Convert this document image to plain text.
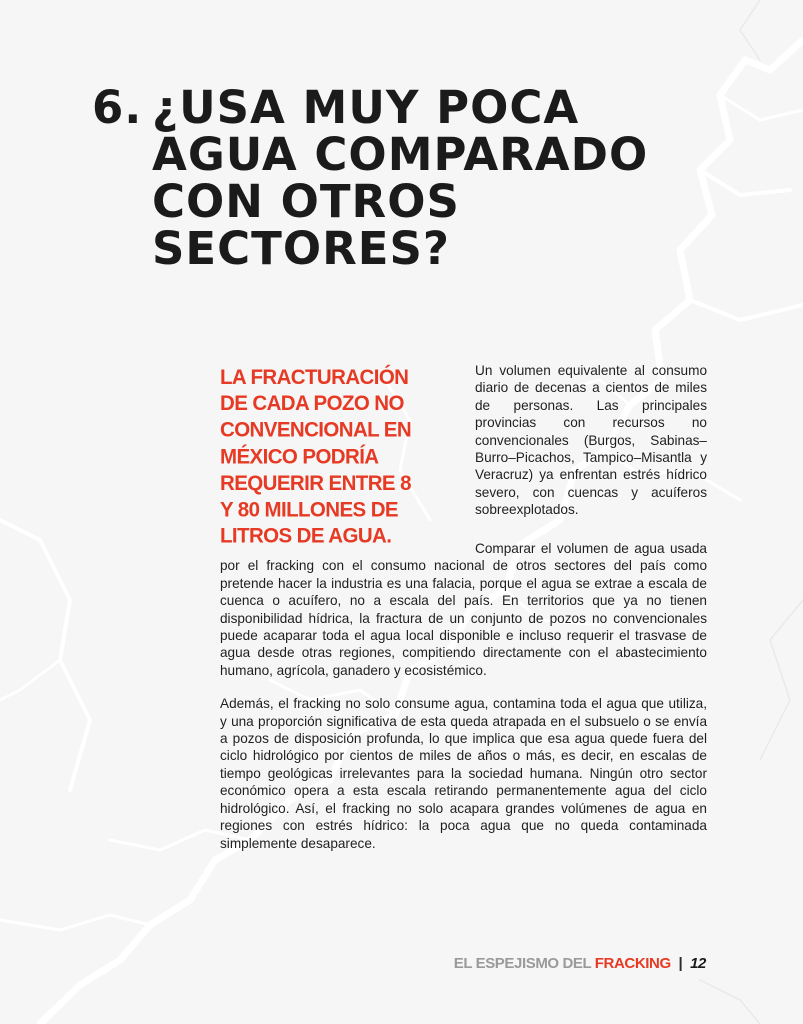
6. ¿USA MUY POCA AGUA COMPARADO CON OTROS SECTORES?

LA FRACTURACIÓN DE CADA POZO NO CONVENCIONAL EN MÉXICO PODRÍA REQUERIR ENTRE 8 Y 80 MILLONES DE LITROS DE AGUA.

Un volumen equivalente al consumo diario de decenas a cientos de miles de personas. Las principales provincias con recursos no convencionales (Burgos, Sabinas–Burro–Picachos, Tampico–Misantla y Veracruz) ya enfrentan estrés hídrico severo, con cuencas y acuíferos sobreexplotados.

Comparar el volumen de agua usada por el fracking con el consumo nacional de otros sectores del país como pretende hacer la industria es una falacia, porque el agua se extrae a escala de cuenca o acuífero, no a escala del país. En territorios que ya no tienen disponibilidad hídrica, la fractura de un conjunto de pozos no convencionales puede acaparar toda el agua local disponible e incluso requerir el trasvase de agua desde otras regiones, compitiendo directamente con el abastecimiento humano, agrícola, ganadero y ecosistémico.

Además, el fracking no solo consume agua, contamina toda el agua que utiliza, y una proporción significativa de esta queda atrapada en el subsuelo o se envía a pozos de disposición profunda, lo que implica que esa agua quede fuera del ciclo hidrológico por cientos de miles de años o más, es decir, en escalas de tiempo geológicas irrelevantes para la sociedad humana. Ningún otro sector económico opera a esta escala retirando permanentemente agua del ciclo hidrológico. Así, el fracking no solo acapara grandes volúmenes de agua en regiones con estrés hídrico: la poca agua que no queda contaminada simplemente desaparece.

EL ESPEJISMO DEL FRACKING | 12
